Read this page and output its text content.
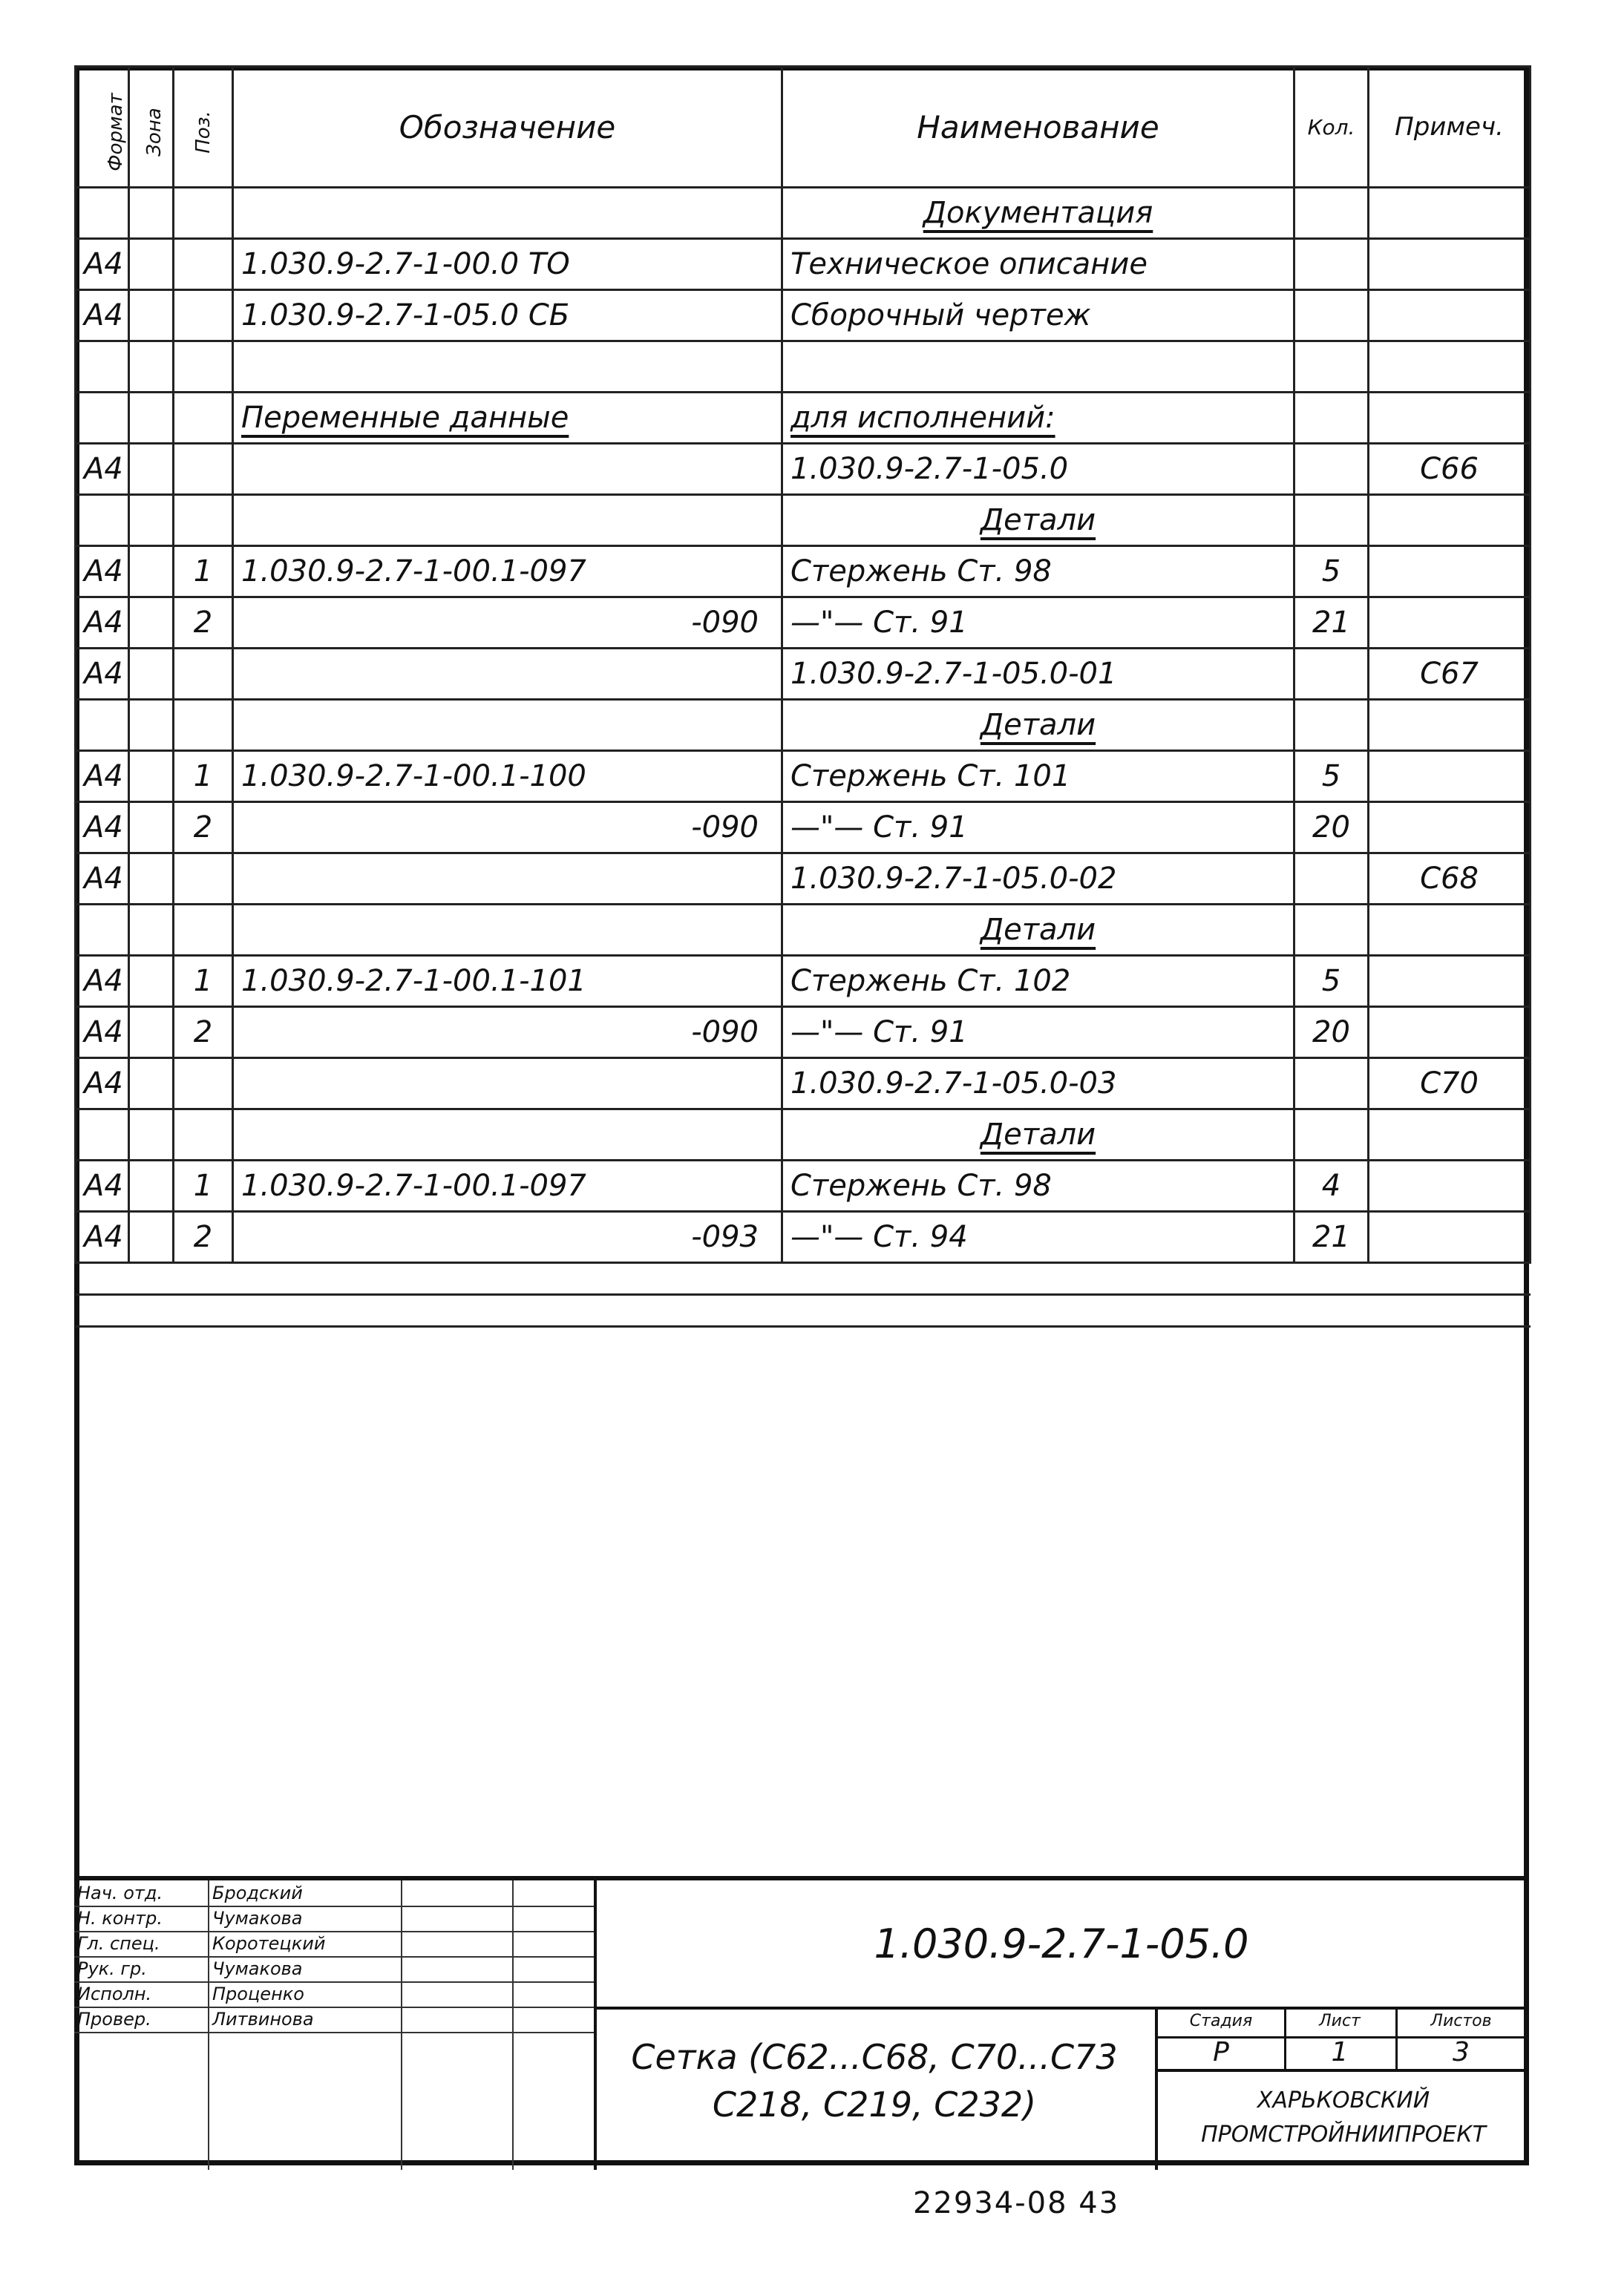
Формат	Зона	Поз.	Обозначение	Наименование	Кол.	Примеч.
				Документация		
А4			1.030.9-2.7-1-00.0 ТО	Техническое описание		
А4			1.030.9-2.7-1-05.0 СБ	Сборочный чертеж		

			Переменные данные	для исполнений:		
А4				1.030.9-2.7-1-05.0		С66
				Детали		
А4		1	1.030.9-2.7-1-00.1-097	Стержень Ст. 98	5	
А4		2	-090	—"— Ст. 91	21	
А4				1.030.9-2.7-1-05.0-01		С67
				Детали		
А4		1	1.030.9-2.7-1-00.1-100	Стержень Ст. 101	5	
А4		2	-090	—"— Ст. 91	20	
А4				1.030.9-2.7-1-05.0-02		С68
				Детали		
А4		1	1.030.9-2.7-1-00.1-101	Стержень Ст. 102	5	
А4		2	-090	—"— Ст. 91	20	
А4				1.030.9-2.7-1-05.0-03		С70
				Детали		
А4		1	1.030.9-2.7-1-00.1-097	Стержень Ст. 98	4	
А4		2	-093	—"— Ст. 94	21	

Нач. отд.	Бродский
Н. контр.	Чумакова
Гл. спец.	Коротецкий
Рук. гр.	Чумакова
Исполн.	Проценко
Провер.	Литвинова
1.030.9-2.7-1-05.0
Сетка (С62...С68, С70...С73
С218, С219, С232)
Стадия	Лист	Листов
Р	1	3
ХАРЬКОВСКИЙ
ПРОМСТРОЙНИИПРОЕКТ
22934-08 43
